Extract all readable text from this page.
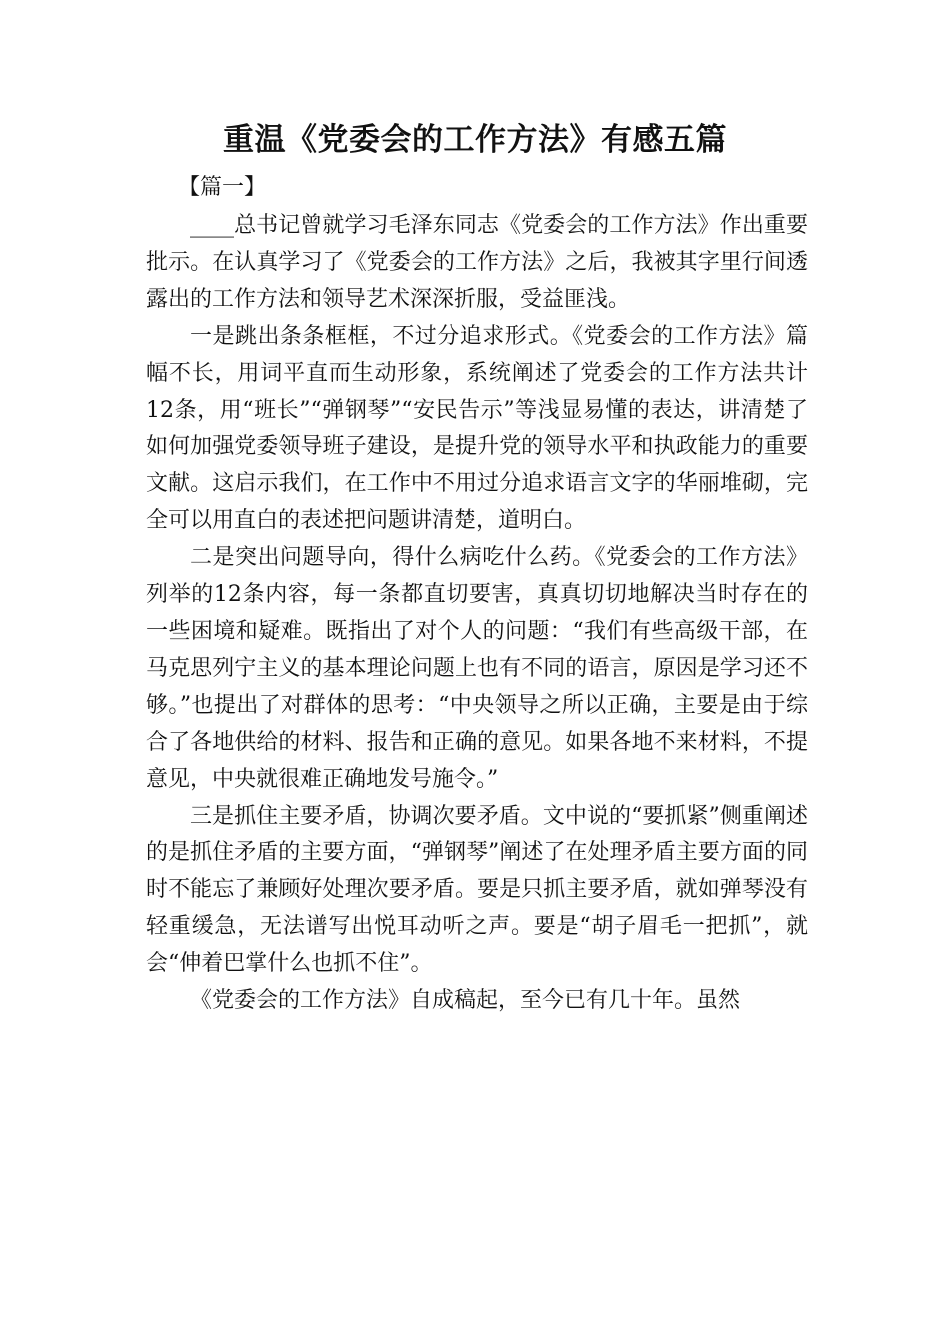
重温《党委会的工作方法》有感五篇
【篇一】

____总书记曾就学习毛泽东同志《党委会的工作方法》作出重要批示。在认真学习了《党委会的工作方法》之后，我被其字里行间透露出的工作方法和领导艺术深深折服，受益匪浅。

一是跳出条条框框，不过分追求形式。《党委会的工作方法》篇幅不长，用词平直而生动形象，系统阐述了党委会的工作方法共计12条，用“班长”“弹钢琴”“安民告示”等浅显易懂的表达，讲清楚了如何加强党委领导班子建设，是提升党的领导水平和执政能力的重要文献。这启示我们，在工作中不用过分追求语言文字的华丽堆砌，完全可以用直白的表述把问题讲清楚，道明白。

二是突出问题导向，得什么病吃什么药。《党委会的工作方法》列举的12条内容，每一条都直切要害，真真切切地解决当时存在的一些困境和疑难。既指出了对个人的问题：“我们有些高级干部，在马克思列宁主义的基本理论问题上也有不同的语言，原因是学习还不够。”也提出了对群体的思考：“中央领导之所以正确，主要是由于综合了各地供给的材料、报告和正确的意见。如果各地不来材料，不提意见，中央就很难正确地发号施令。”

三是抓住主要矛盾，协调次要矛盾。文中说的“要抓紧”侧重阐述的是抓住矛盾的主要方面，“弹钢琴”阐述了在处理矛盾主要方面的同时不能忘了兼顾好处理次要矛盾。要是只抓主要矛盾，就如弹琴没有轻重缓急，无法谱写出悦耳动听之声。要是“胡子眉毛一把抓”，就会“伸着巴掌什么也抓不住”。

《党委会的工作方法》自成稿起，至今已有几十年。虽然
